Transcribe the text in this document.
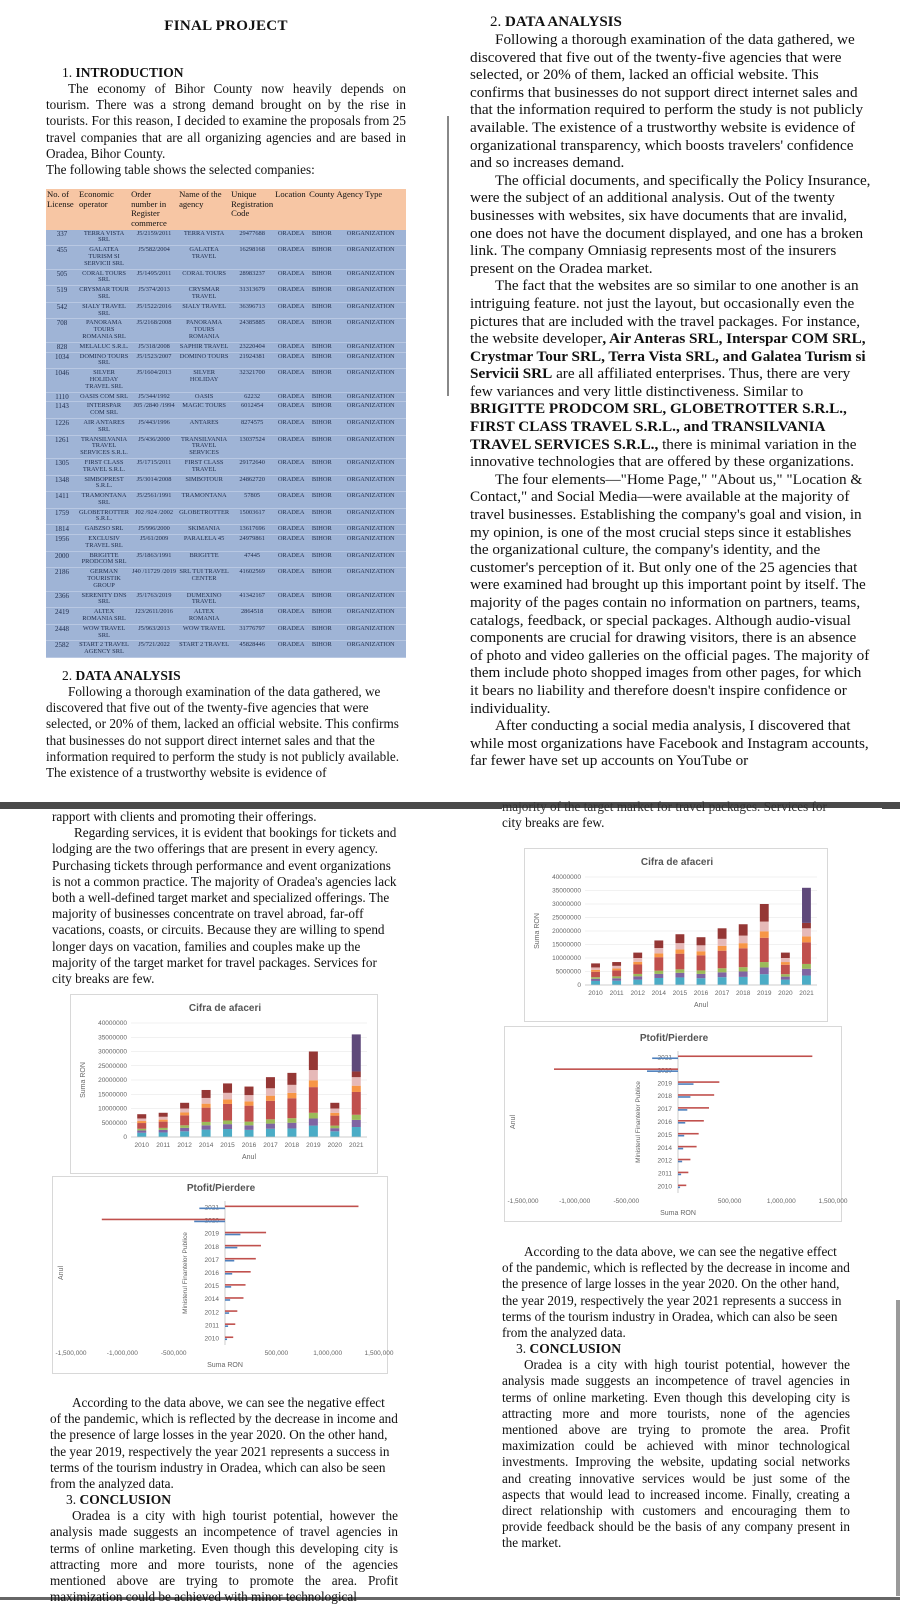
FINAL PROJECT
1. INTRODUCTION

The economy of Bihor County now heavily depends on tourism. There was a strong demand brought on by the rise in tourists. For this reason, I decided to examine the proposals from 25 travel companies that are all organizing agencies and are based in Oradea, Bihor County.

The following table shows the selected companies:

No. of License	Economic operator	Order number in Register commerce	Name of the agency	Unique Registration Code	Location	County	Agency Type
337	TERRA VISTA SRL	J5/2159/2011	TERRA VISTA	29477688	ORADEA	BIHOR	ORGANIZATION
455	GALATEA TURISM SI SERVICII SRL	J5/582/2004	GALATEA TRAVEL	16298168	ORADEA	BIHOR	ORGANIZATION
505	CORAL TOURS SRL	J5/1495/2011	CORAL TOURS	28983237	ORADEA	BIHOR	ORGANIZATION
519	CRYSMAR TOUR SRL	J5/374/2013	CRYSMAR TRAVEL	31313679	ORADEA	BIHOR	ORGANIZATION
542	SIALY TRAVEL SRL	J5/1522/2016	SIALY TRAVEL	36396713	ORADEA	BIHOR	ORGANIZATION
708	PANORAMA TOURS ROMANIA SRL	J5/2168/2008	PANORAMA TOURS ROMANIA	24385885	ORADEA	BIHOR	ORGANIZATION
828	MELALUC S.R.L.	J5/318/2008	SAPHIR TRAVEL	23220404	ORADEA	BIHOR	ORGANIZATION
1034	DOMINO TOURS SRL	J5/1523/2007	DOMINO TOURS	21924381	ORADEA	BIHOR	ORGANIZATION
1046	SILVER HOLIDAY TRAVEL SRL	J5/1604/2013	SILVER HOLIDAY	32321700	ORADEA	BIHOR	ORGANIZATION
1110	OASIS COM SRL	J5/344/1992	OASIS	62232	ORADEA	BIHOR	ORGANIZATION
1143	INTERSPAR COM SRL	J05 /2840 /1994	MAGIC TOURS	6012454	ORADEA	BIHOR	ORGANIZATION
1226	AIR ANTARES SRL	J5/443/1996	ANTARES	8274575	ORADEA	BIHOR	ORGANIZATION
1261	TRANSILVANIA TRAVEL SERVICES S.R.L.	J5/436/2000	TRANSILVANIA TRAVEL SERVICES	13037524	ORADEA	BIHOR	ORGANIZATION
1305	FIRST CLASS TRAVEL S.R.L.	J5/1715/2011	FIRST CLASS TRAVEL	29172640	ORADEA	BIHOR	ORGANIZATION
1348	SIMBOPREST S.R.L.	J5/3014/2008	SIMBOTOUR	24862720	ORADEA	BIHOR	ORGANIZATION
1411	TRAMONTANA SRL	J5/2561/1991	TRAMONTANA	57805	ORADEA	BIHOR	ORGANIZATION
1759	GLOBETROTTER S.R.L.	J02 /924 /2002	GLOBETROTTER	15003617	ORADEA	BIHOR	ORGANIZATION
1814	GABZSO SRL	J5/996/2000	SKIMANIA	13617696	ORADEA	BIHOR	ORGANIZATION
1956	EXCLUSIV TRAVEL SRL	J5/61/2009	PARALELA 45	24979861	ORADEA	BIHOR	ORGANIZATION
2000	BRIGITTE PRODCOM SRL	J5/1863/1991	BRIGITTE	47445	ORADEA	BIHOR	ORGANIZATION
2186	GERMAN TOURISTIK GROUP	J40 /11729 /2019	SRL TUI TRAVEL CENTER	41602569	ORADEA	BIHOR	ORGANIZATION
2366	SERENITY DNS SRL	J5/1763/2019	DUMEXINO TRAVEL	41342167	ORADEA	BIHOR	ORGANIZATION
2419	ALTEX ROMANIA SRL	J23/2611/2016	ALTEX ROMANIA	2864518	ORADEA	BIHOR	ORGANIZATION
2448	WOW TRAVEL SRL	J5/963/2013	WOW TRAVEL	31776797	ORADEA	BIHOR	ORGANIZATION
2582	START 2 TRAVEL AGENCY SRL	J5/721/2022	START 2 TRAVEL	45828446	ORADEA	BIHOR	ORGANIZATION
2. DATA ANALYSIS

Following a thorough examination of the data gathered, we discovered that five out of the twenty-five agencies that were selected, or 20% of them, lacked an official website. This confirms that businesses do not support direct internet sales and that the information required to perform the study is not publicly available. The existence of a trustworthy website is evidence of

2. DATA ANALYSIS

Following a thorough examination of the data gathered, we discovered that five out of the twenty-five agencies that were selected, or 20% of them, lacked an official website. This confirms that businesses do not support direct internet sales and that the information required to perform the study is not publicly available. The existence of a trustworthy website is evidence of organizational transparency, which boosts travelers' confidence and so increases demand.

The official documents, and specifically the Policy Insurance, were the subject of an additional analysis. Out of the twenty businesses with websites, six have documents that are invalid, one does not have the document displayed, and one has a broken link. The company Omniasig represents most of the insurers present on the Oradea market.

The fact that the websites are so similar to one another is an intriguing feature. not just the layout, but occasionally even the pictures that are included with the travel packages. For instance, the website developer, Air Anteras SRL, Interspar COM SRL, Crystmar Tour SRL, Terra Vista SRL, and Galatea Turism si Servicii SRL are all affiliated enterprises. Thus, there are very few variances and very little distinctiveness. Similar to BRIGITTE PRODCOM SRL, GLOBETROTTER S.R.L., FIRST CLASS TRAVEL S.R.L., and TRANSILVANIA TRAVEL SERVICES S.R.L., there is minimal variation in the innovative technologies that are offered by these organizations.

The four elements—"Home Page," "About us," "Location & Contact," and Social Media—were available at the majority of travel businesses. Establishing the company's goal and vision, in my opinion, is one of the most crucial steps since it establishes the organizational culture, the company's identity, and the customer's perception of it. But only one of the 25 agencies that were examined had brought up this important point by itself. The majority of the pages contain no information on partners, teams, catalogs, feedback, or special packages. Although audio-visual components are crucial for drawing visitors, there is an absence of photo and video galleries on the official pages. The majority of them include photo shopped images from other pages, for which it bears no liability and therefore doesn't inspire confidence or individuality.

After conducting a social media analysis, I discovered that while most organizations have Facebook and Instagram accounts, far fewer have set up accounts on YouTube or

rapport with clients and promoting their offerings.

Regarding services, it is evident that bookings for tickets and lodging are the two offerings that are present in every agency. Purchasing tickets through performance and event organizations is not a common practice. The majority of Oradea's agencies lack both a well-defined target market and specialized offerings. The majority of businesses concentrate on travel abroad, far-off vacations, coasts, or circuits. Because they are willing to spend longer days on vacation, families and couples make up the majority of the target market for travel packages. Services for city breaks are few.

Cifra de afaceri
0
5000000
10000000
15000000
20000000
25000000
30000000
35000000
40000000
Suma RON
2010 2011 2012 2014 2015 2016 2017 2018 2019 2020 2021
Anul
Ptofit/Pierdere
-1,500,000	-1,000,000	-500,000	500,000	1,000,000	1,500,000
Suma RON
Anul	Ministerul Finantelor Publice 2019
2018
2017
2016
2015
2014
2012
2011
2010

According to the data above, we can see the negative effect of the pandemic, which is reflected by the decrease in income and the presence of large losses in the year 2020. On the other hand, the year 2019, respectively the year 2021 represents a success in terms of the tourism industry in Oradea, which can also be seen from the analyzed data.

3. CONCLUSION

Oradea is a city with high tourist potential, however the analysis made suggests an incompetence of travel agencies in terms of online marketing. Even though this developing city is attracting more and more tourists, none of the agencies mentioned above are trying to promote the area. Profit maximization could be achieved with minor technological

majority of the target market for travel packages. Services for

city breaks are few.

Cifra de afaceri
0
5000000
10000000
15000000
20000000
25000000
30000000
35000000
40000000
Suma RON
2010 2011 2012 2014 2015 2016 2017 2018 2019 2020 2021
Anul
Ptofit/Pierdere
-1,500,000	-1,000,000	-500,000	500,000	1,000,000	1,500,000
Suma RON
Anul	Ministerul Finantelor Publice 2019
2018
2017
2016
2015
2014
2012
2011
2010

According to the data above, we can see the negative effect of the pandemic, which is reflected by the decrease in income and the presence of large losses in the year 2020. On the other hand, the year 2019, respectively the year 2021 represents a success in terms of the tourism industry in Oradea, which can also be seen from the analyzed data.

3. CONCLUSION

Oradea is a city with high tourist potential, however the analysis made suggests an incompetence of travel agencies in terms of online marketing. Even though this developing city is attracting more and more tourists, none of the agencies mentioned above are trying to promote the area. Profit maximization could be achieved with minor technological investments. Improving the website, updating social networks and creating innovative services would be just some of the aspects that would lead to increased income. Finally, creating a direct relationship with customers and encouraging them to provide feedback should be the basis of any company present in the market.
